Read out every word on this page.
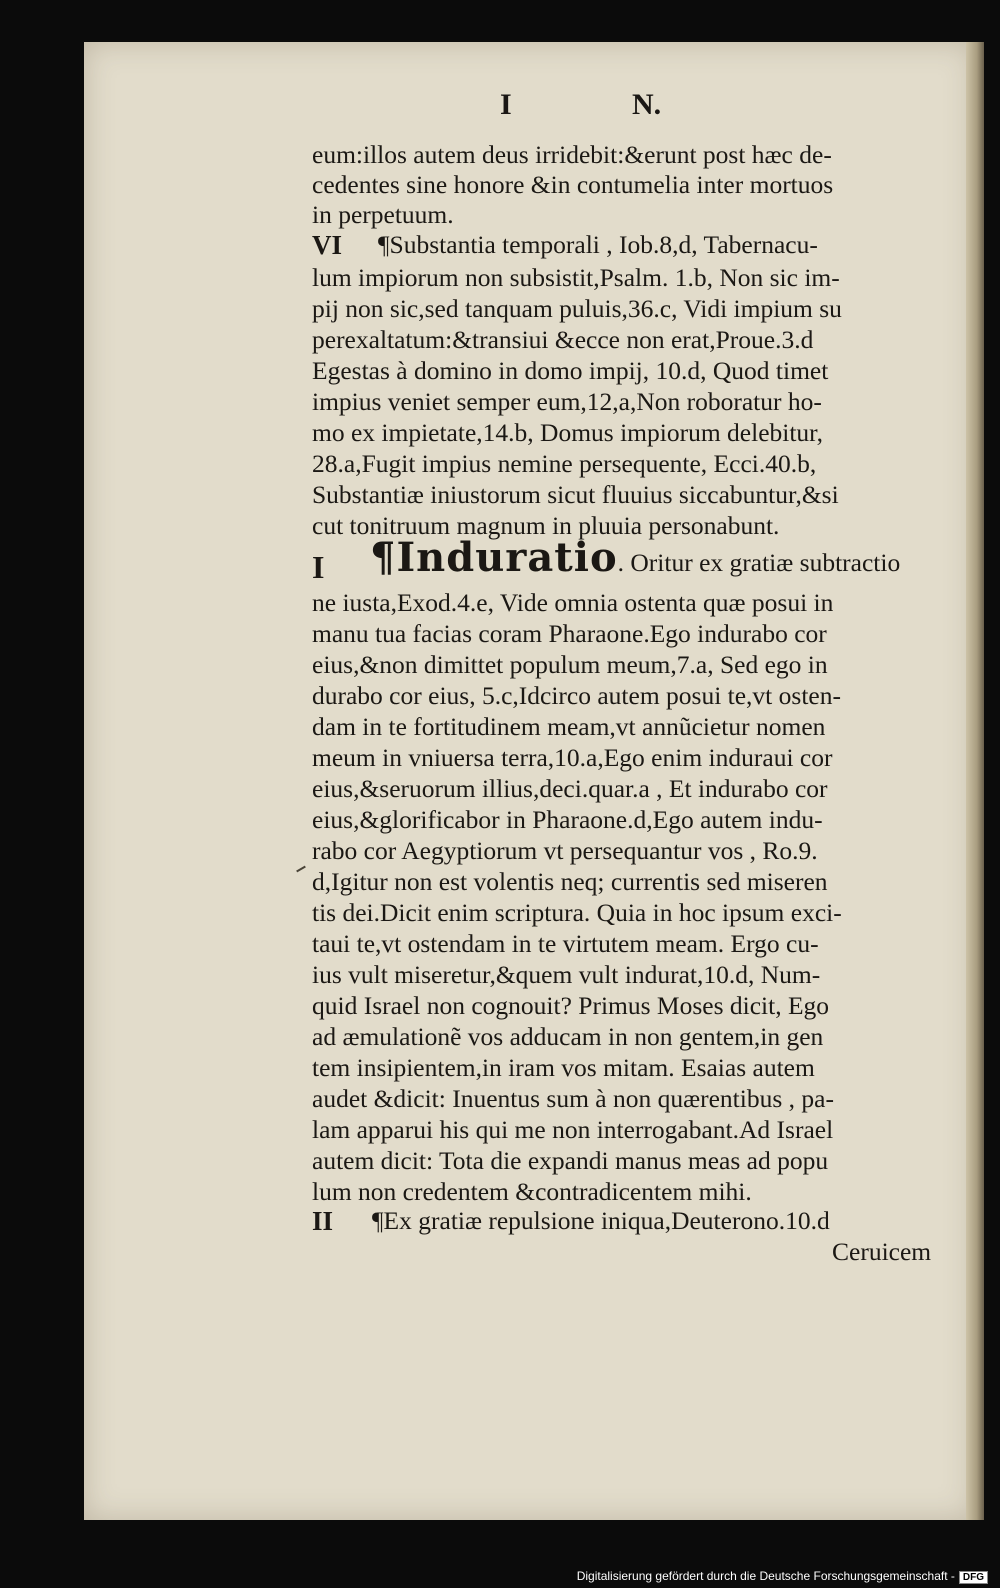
I	N.
eum:illos autem deus irridebit:&erunt post hæc de-
cedentes sine honore &in contumelia inter mortuos
in perpetuum.
VI ¶Substantia temporali , Iob.8,d, Tabernacu-
lum impiorum non subsistit,Psalm. 1.b, Non sic im-
pij non sic,sed tanquam puluis,36.c, Vidi impium su
perexaltatum:&transiui &ecce non erat,Proue.3.d
Egestas à domino in domo impij, 10.d, Quod timet
impius veniet semper eum,12,a,Non roboratur ho-
mo ex impietate,14.b, Domus impiorum delebitur,
28.a,Fugit impius nemine persequente, Ecci.40.b,
Substantiæ iniustorum sicut fluuius siccabuntur,&si
cut tonitruum magnum in pluuia personabunt.
I ¶Induratio. Oritur ex gratiæ subtractio
ne iusta,Exod.4.e, Vide omnia ostenta quæ posui in
manu tua facias coram Pharaone.Ego indurabo cor
eius,&non dimittet populum meum,7.a, Sed ego in
durabo cor eius, 5.c,Idcirco autem posui te,vt osten-
dam in te fortitudinem meam,vt annũcietur nomen
meum in vniuersa terra,10.a,Ego enim induraui cor
eius,&seruorum illius,deci.quar.a , Et indurabo cor
eius,&glorificabor in Pharaone.d,Ego autem indu-
rabo cor Aegyptiorum vt persequantur vos , Ro.9.
d,Igitur non est volentis neq; currentis sed miseren
tis dei.Dicit enim scriptura. Quia in hoc ipsum exci-
taui te,vt ostendam in te virtutem meam. Ergo cu-
ius vult miseretur,&quem vult indurat,10.d, Num-
quid Israel non cognouit? Primus Moses dicit, Ego
ad æmulationẽ vos adducam in non gentem,in gen
tem insipientem,in iram vos mitam. Esaias autem
audet &dicit: Inuentus sum à non quærentibus , pa-
lam apparui his qui me non interrogabant.Ad Israel
autem dicit: Tota die expandi manus meas ad popu
lum non credentem &contradicentem mihi.
II ¶Ex gratiæ repulsione iniqua,Deuterono.10.d
Ceruicem
Digitalisierung gefördert durch die Deutsche Forschungsgemeinschaft - DFG
